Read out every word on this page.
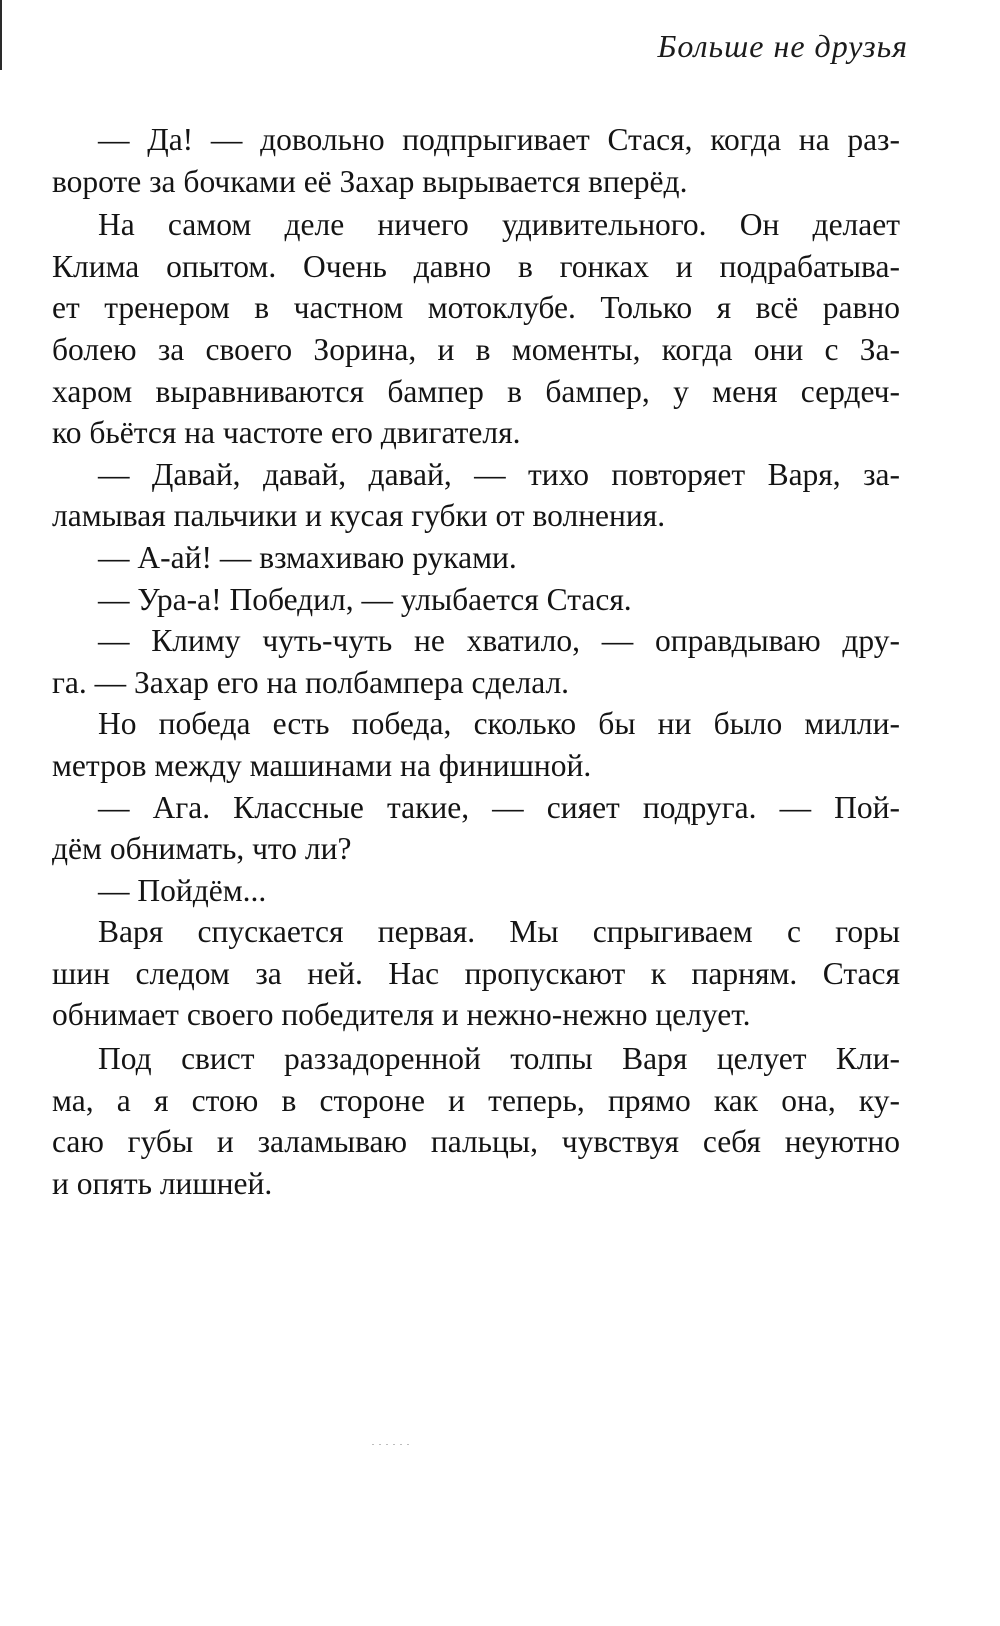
Больше не друзья
— Да! — довольно подпрыгивает Стася, когда на раз-
вороте за бочками её Захар вырывается вперёд.
На самом деле ничего удивительного. Он делает
Клима опытом. Очень давно в гонках и подрабатыва-
ет тренером в частном мотоклубе. Только я всё равно
болею за своего Зорина, и в моменты, когда они с За-
харом выравниваются бампер в бампер, у меня сердеч-
ко бьётся на частоте его двигателя.
— Давай, давай, давай, — тихо повторяет Варя, за-
ламывая пальчики и кусая губки от волнения.
— А-ай! — взмахиваю руками.
— Ура-а! Победил, — улыбается Стася.
— Климу чуть-чуть не хватило, — оправдываю дру-
га. — Захар его на полбампера сделал.
Но победа есть победа, сколько бы ни было милли-
метров между машинами на финишной.
— Ага. Классные такие, — сияет подруга. — Пой-
дём обнимать, что ли?
— Пойдём...
Варя спускается первая. Мы спрыгиваем с горы
шин следом за ней. Нас пропускают к парням. Стася
обнимает своего победителя и нежно-нежно целует.
Под свист раззадоренной толпы Варя целует Кли-
ма, а я стою в стороне и теперь, прямо как она, ку-
саю губы и заламываю пальцы, чувствуя себя неуютно
и опять лишней.
